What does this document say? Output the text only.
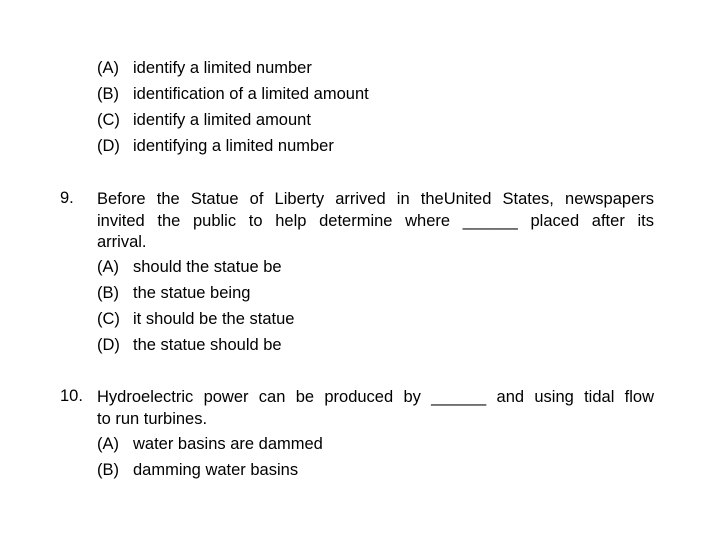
(A) identify a limited number
(B) identification of a limited amount
(C) identify a limited amount
(D) identifying a limited number
9. Before the Statue of Liberty arrived in theUnited States, newspapers
invited the public to help determine where ______ placed after its
arrival.
(A) should the statue be
(B) the statue being
(C) it should be the statue
(D) the statue should be
10. Hydroelectric power can be produced by ______ and using tidal flow
to run turbines.
(A) water basins are dammed
(B) damming water basins
